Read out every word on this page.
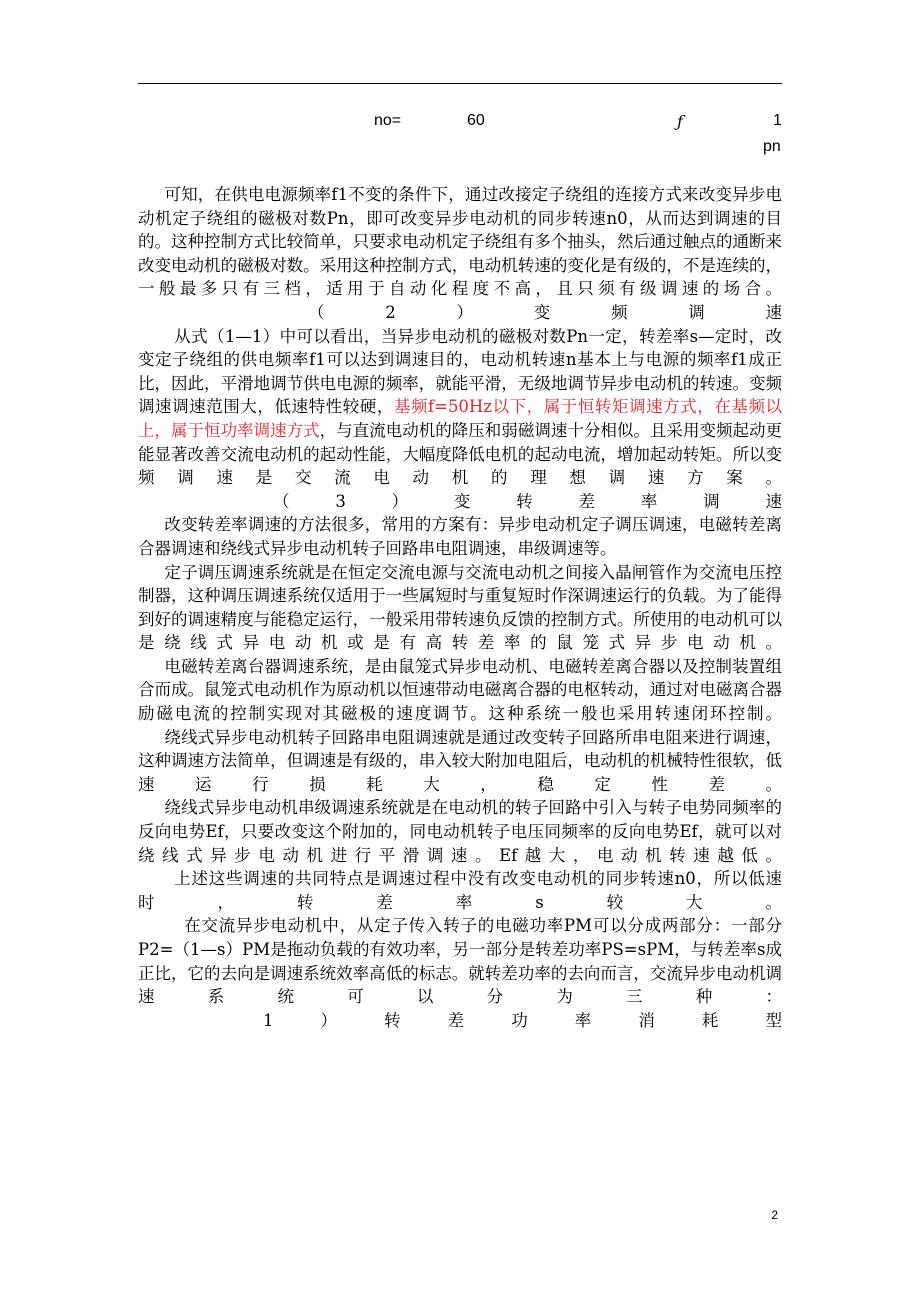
no=	60	ƒ	1
pn

可知，在供电电源频率f1不变的条件下，通过改接定子绕组的连接方式来改变异步电动机定子绕组的磁极对数Pn，即可改变异步电动机的同步转速n0，从而达到调速的目的。这种控制方式比较简单，只要求电动机定子绕组有多个抽头，然后通过触点的通断来改变电动机的磁极对数。采用这种控制方式，电动机转速的变化是有级的，不是连续的，一般最多只有三档，适用于自动化程度不高，且只须有级调速的场合。

（2）变频调速

从式（1—1）中可以看出，当异步电动机的磁极对数Pn一定，转差率s—定时，改变定子绕组的供电频率f1可以达到调速目的，电动机转速n基本上与电源的频率f1成正比，因此，平滑地调节供电电源的频率，就能平滑，无级地调节异步电动机的转速。变频调速调速范围大，低速特性较硬，基频f=50Hz以下，属于恒转矩调速方式，在基频以上，属于恒功率调速方式，与直流电动机的降压和弱磁调速十分相似。且采用变频起动更能显著改善交流电动机的起动性能，大幅度降低电机的起动电流，增加起动转矩。所以变频调速是交流电动机的理想调速方案。

（3）变转差率调速

改变转差率调速的方法很多，常用的方案有：异步电动机定子调压调速，电磁转差离合器调速和绕线式异步电动机转子回路串电阻调速，串级调速等。

定子调压调速系统就是在恒定交流电源与交流电动机之间接入晶闸管作为交流电压控制器，这种调压调速系统仅适用于一些属短时与重复短时作深调速运行的负载。为了能得到好的调速精度与能稳定运行，一般采用带转速负反馈的控制方式。所使用的电动机可以是绕线式异电动机或是有高转差率的鼠笼式异步电动机。

电磁转差离台器调速系统，是由鼠笼式异步电动机、电磁转差离合器以及控制装置组合而成。鼠笼式电动机作为原动机以恒速带动电磁离合器的电枢转动，通过对电磁离合器励磁电流的控制实现对其磁极的速度调节。这种系统一般也采用转速闭环控制。

绕线式异步电动机转子回路串电阻调速就是通过改变转子回路所串电阻来进行调速，这种调速方法简单，但调速是有级的，串入较大附加电阻后，电动机的机械特性很软，低速运行损耗大，稳定性差。

绕线式异步电动机串级调速系统就是在电动机的转子回路中引入与转子电势同频率的反向电势Ef，只要改变这个附加的，同电动机转子电压同频率的反向电势Ef，就可以对绕线式异步电动机进行平滑调速。Ef越大，电动机转速越低。

上述这些调速的共同特点是调速过程中没有改变电动机的同步转速n0，所以低速时，转差率s较大。

在交流异步电动机中，从定子传入转子的电磁功率PM可以分成两部分：一部分P2=（1—s）PM是拖动负载的有效功率，另一部分是转差功率PS=sPM，与转差率s成正比，它的去向是调速系统效率高低的标志。就转差功率的去向而言，交流异步电动机调速系统可以分为三种：

1）转差功率消耗型

2
